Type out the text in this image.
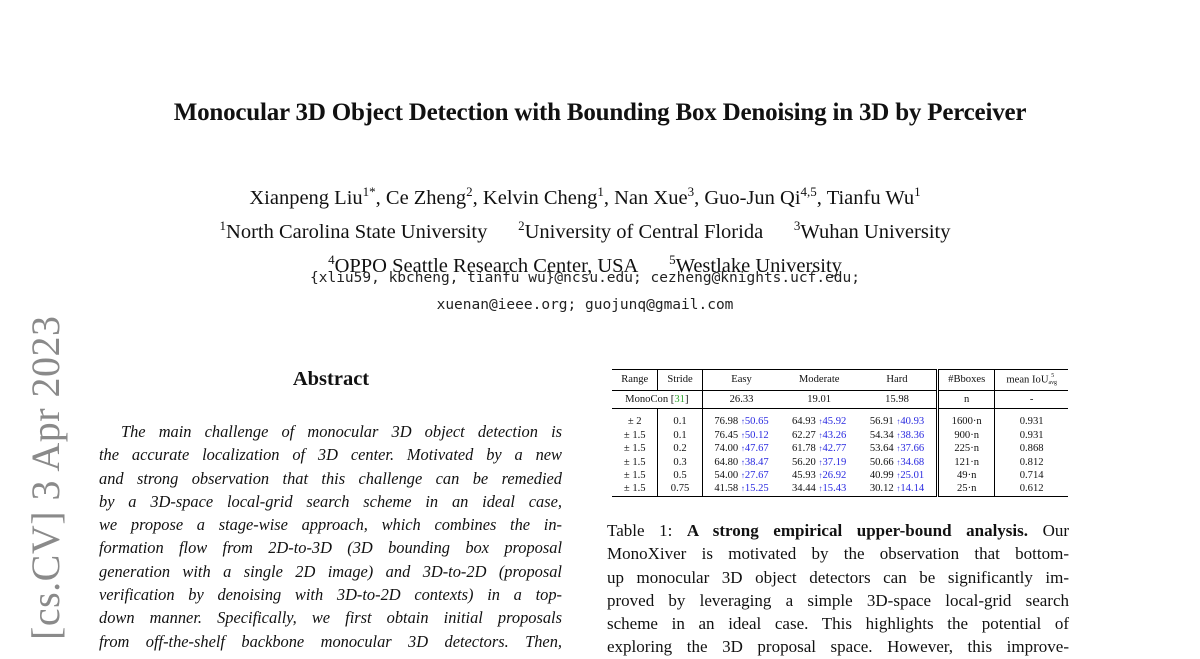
[cs.CV] 3 Apr 2023
Monocular 3D Object Detection with Bounding Box Denoising in 3D by Perceiver
Xianpeng Liu$^{1*}$, Ce Zheng$^2$, Kelvin Cheng$^1$, Nan Xue$^3$, Guo-Jun Qi$^{4,5}$, Tianfu Wu$^1$
$^1$North Carolina State University $^2$University of Central Florida $^3$Wuhan University
$^4$OPPO Seattle Research Center, USA $^5$Westlake University
{xliu59, kbcheng, tianfu wu}@ncsu.edu; cezheng@knights.ucf.edu;
xuenan@ieee.org; guojunq@gmail.com
Abstract
The main challenge of monocular 3D object detection is
the accurate localization of 3D center. Motivated by a new
and strong observation that this challenge can be remedied
by a 3D-space local-grid search scheme in an ideal case,
we propose a stage-wise approach, which combines the in-
formation flow from 2D-to-3D (3D bounding box proposal
generation with a single 2D image) and 3D-to-2D (proposal
verification by denoising with 3D-to-2D contexts) in a top-
down manner. Specifically, we first obtain initial proposals
from off-the-shelf backbone monocular 3D detectors. Then,
Range	Stride	Easy	Moderate	Hard	#Bboxes	mean IoU 5
avg

MonoCon [31]		26.33	19.01	15.98	n	-

± 2	0.1	76.98 ↑50.65	64.93 ↑45.92	56.91 ↑40.93	1600·n	0.931
± 1.5	0.1	76.45 ↑50.12	62.27 ↑43.26	54.34 ↑38.36	900·n	0.931
± 1.5	0.2	74.00 ↑47.67	61.78 ↑42.77	53.64 ↑37.66	225·n	0.868
± 1.5	0.3	64.80 ↑38.47	56.20 ↑37.19	50.66 ↑34.68	121·n	0.812
± 1.5	0.5	54.00 ↑27.67	45.93 ↑26.92	40.99 ↑25.01	49·n	0.714
± 1.5	0.75	41.58 ↑15.25	34.44 ↑15.43	30.12 ↑14.14	25·n	0.612
Table 1: A strong empirical upper-bound analysis. Our
MonoXiver is motivated by the observation that bottom-
up monocular 3D object detectors can be significantly im-
proved by leveraging a simple 3D-space local-grid search
scheme in an ideal case. This highlights the potential of
exploring the 3D proposal space. However, this improve-
